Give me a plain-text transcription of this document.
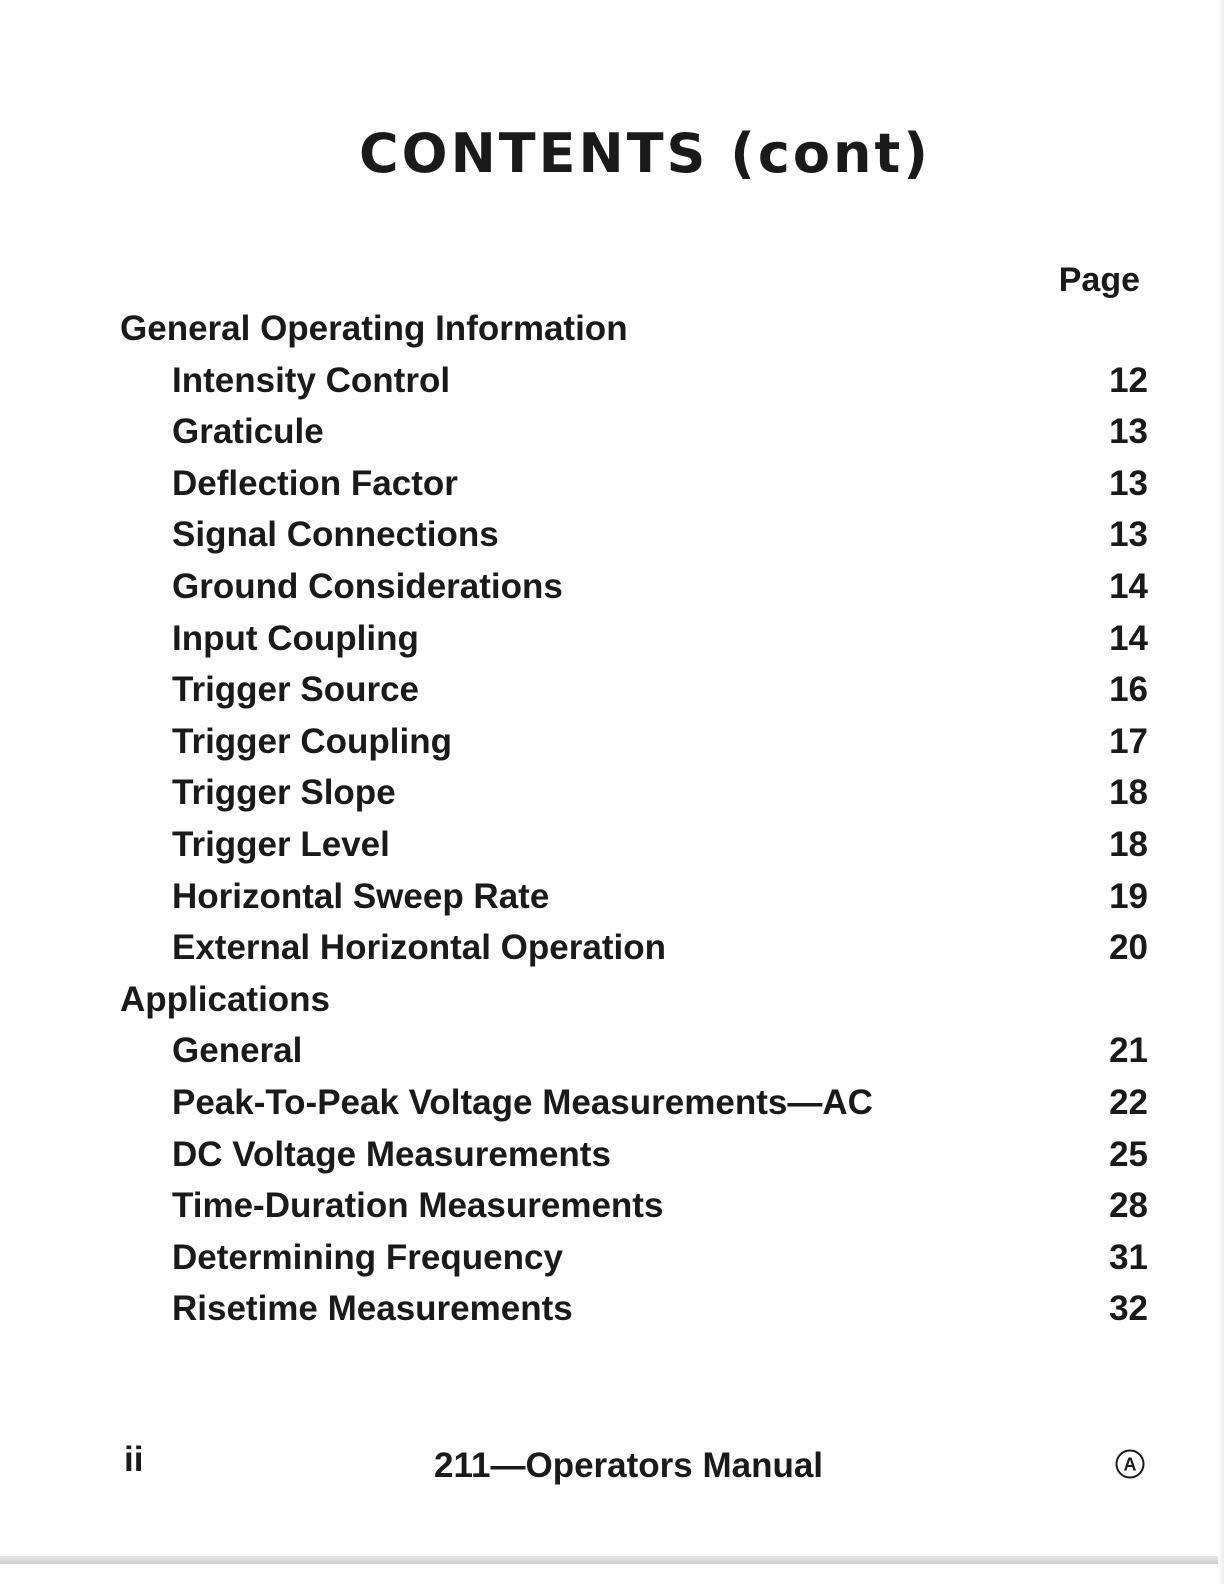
CONTENTS (cont)
Page
General Operating Information
Intensity Control	12
Graticule	13
Deflection Factor	13
Signal Connections	13
Ground Considerations	14
Input Coupling	14
Trigger Source	16
Trigger Coupling	17
Trigger Slope	18
Trigger Level	18
Horizontal Sweep Rate	19
External Horizontal Operation	20
Applications
General	21
Peak-To-Peak Voltage Measurements—AC	22
DC Voltage Measurements	25
Time-Duration Measurements	28
Determining Frequency	31
Risetime Measurements	32
ii	211—Operators Manual	A
